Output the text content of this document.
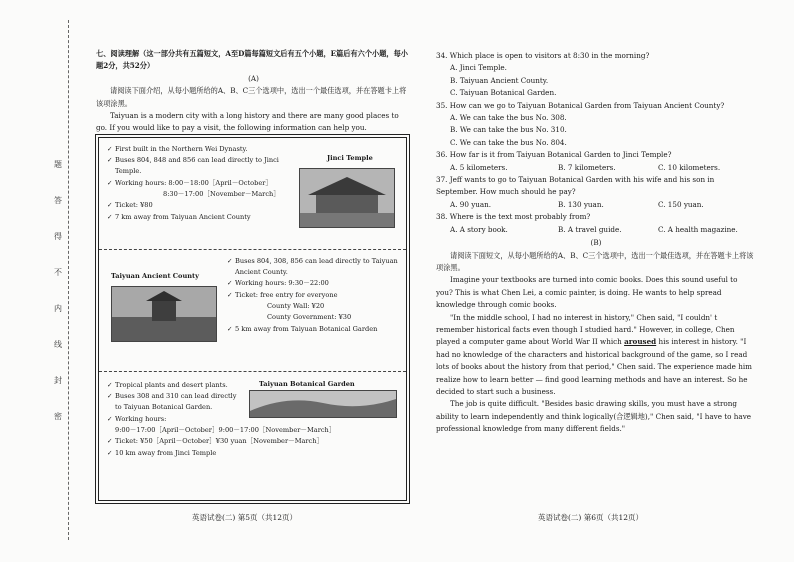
题
答
得
不
内
线
封
密
七、阅读理解（这一部分共有五篇短文，A至D篇每篇短文后有五个小题，E篇后有六个小题，每小题2分，共52分）
(A)
请阅读下面介绍，从每小题所给的A、B、C三个选项中，选出一个最佳选项，并在答题卡上将该项涂黑。
Taiyuan is a modern city with a long history and there are many good places to go. If you would like to pay a visit, the following information can help you.
✓ First built in the Northern Wei Dynasty.
✓ Buses 804, 848 and 856 can lead directly to Jinci
Temple.
✓ Working hours: 8:00－18:00［April－October］
8:30－17:00［November－March］
✓ Ticket: ¥80
✓ 7 km away from Taiyuan Ancient County
Jinci Temple
Taiyuan Ancient County
✓ Buses 804, 308, 856 can lead directly to Taiyuan
Ancient County.
✓ Working hours: 9:30－22:00
✓ Ticket: free entry for everyone
County Wall: ¥20
County Government: ¥30
✓ 5 km away from Taiyuan Botanical Garden
✓ Tropical plants and desert plants.
✓ Buses 308 and 310 can lead directly
to Taiyuan Botanical Garden.
✓ Working hours:
9:00－17:00［April－October］9:00－17:00［November－March］
✓ Ticket: ¥50［April－October］¥30 yuan［November－March］
✓ 10 km away from Jinci Temple
Taiyuan Botanical Garden
英语试卷(二) 第5页（共12页）
34. Which place is open to visitors at 8:30 in the morning?
A. Jinci Temple.
B. Taiyuan Ancient County.
C. Taiyuan Botanical Garden.
35. How can we go to Taiyuan Botanical Garden from Taiyuan Ancient County?
A. We can take the bus No. 308.
B. We can take the bus No. 310.
C. We can take the bus No. 804.
36. How far is it from Taiyuan Botanical Garden to Jinci Temple?
A. 5 kilometers.	B. 7 kilometers.	C. 10 kilometers.
37. Jeff wants to go to Taiyuan Botanical Garden with his wife and his son in September. How much should he pay?
A. 90 yuan.	B. 130 yuan.	C. 150 yuan.
38. Where is the text most probably from?
A. A story book.	B. A travel guide.	C. A health magazine.
(B)
请阅读下面短文，从每小题所给的A、B、C三个选项中，选出一个最佳选项，并在答题卡上将该项涂黑。
Imagine your textbooks are turned into comic books. Does this sound useful to you? This is what Chen Lei, a comic painter, is doing. He wants to help spread knowledge through comic books.
"In the middle school, I had no interest in history," Chen said, "I couldn' t remember historical facts even though I studied hard." However, in college, Chen played a computer game about World War II which aroused his interest in history. "I had no knowledge of the characters and historical background of the game, so I read lots of books about the history from that period," Chen said. The experience made him realize how to learn better — find good learning methods and have an interest. So he decided to start such a business.
The job is quite difficult. "Besides basic drawing skills, you must have a strong ability to learn independently and think logically(合逻辑地)," Chen said, "I have to have professional knowledge from many different fields."
英语试卷(二) 第6页（共12页）
